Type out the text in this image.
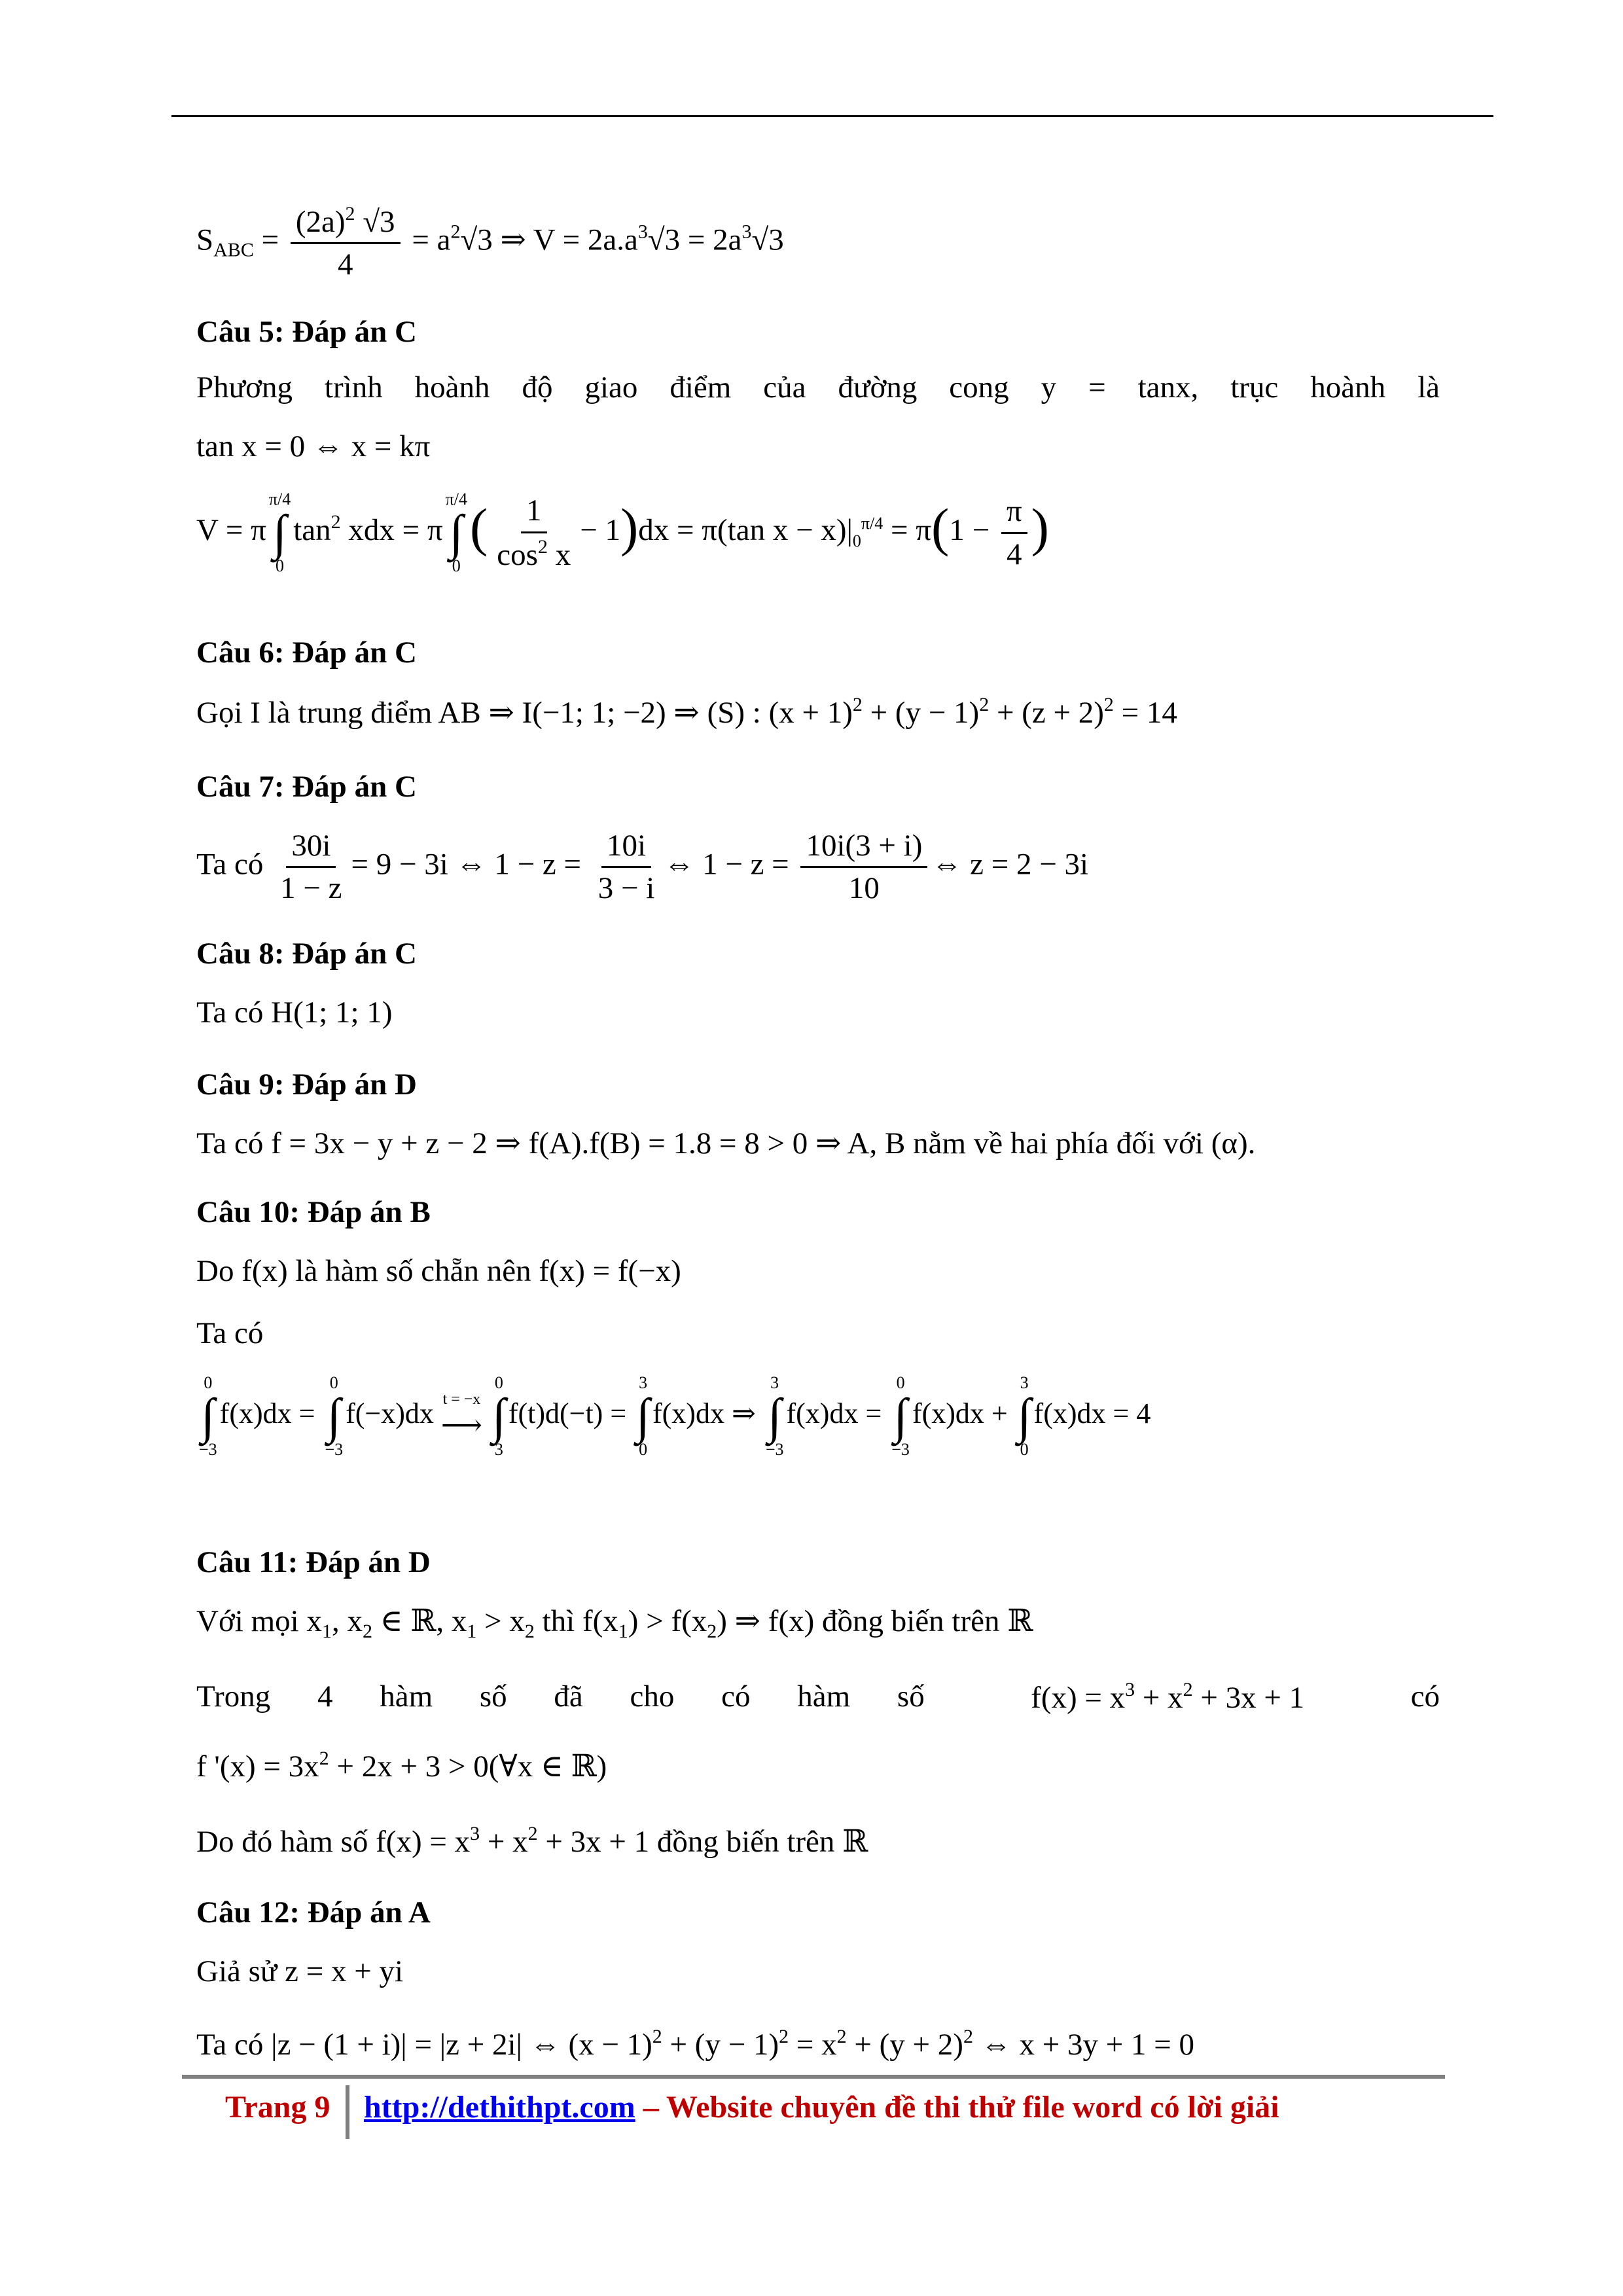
$S_{ABC} = \frac{(2a)^2 √3}{4} = a^2√3$ ⇒ $V = 2a.a^3√3 = 2a^3√3$
Câu 5: Đáp án C
Phương trình hoành độ giao điểm của đường cong y = tanx, trục hoành là
tan x = 0 ⇔ x = kπ
V = π
π/4
∫
0
$\tan^2$ xdx = π
π/4
∫
0
( $\frac{1}{\cos^2 x} - 1)dx = \pi(\tan$ $x - x)|_0^{\pi/4} = \pi(1 - \frac{\pi}{4}$ )
Câu 6: Đáp án C
Gọi I là trung điểm AB ⇒ I(−1; 1; −2) ⇒ (S) : $(x + 1)^2 + (y - 1)^2 + (z + 2)^2 = 14$
Câu 7: Đáp án C
Ta có $\frac{30i}{1 - z} = 9 - 3i$ ⇔ $1 - z = \frac{10i}{3 - i}$ ⇔ $1 - z = \frac{10i(3 + i)}{10}$ ⇔ z = 2 − 3i
Câu 8: Đáp án C
Ta có H(1; 1; 1)
Câu 9: Đáp án D
Ta có f = 3x − y + z − 2 ⇒ f(A).f(B) = 1.8 = 8 > 0 ⇒ A, B nằm về hai phía đối với (α).
Câu 10: Đáp án B
Do f(x) là hàm số chẵn nên f(x) = f(−x)
Ta có
0
∫
−3
f(x)dx =
0
∫
−3
f(−x)dx t = −x
⟶

0
∫
3
f(t)d(−t) =
3
∫
0
f(x)dx ⇒
3
∫
−3
f(x)dx =
0
∫
−3
f(x)dx +
3
∫
0
f(x)dx = 4
Câu 11: Đáp án D
Với mọi $x_1$, $x_2$ ∈ ℝ, $x_1 > x_2$ thì $f(x_1) > f(x_2)$ ⇒ f(x) đồng biến trên ℝ
Trong 4 hàm số đã cho có hàm số	$f(x) = x^3 + x^2 + 3x + 1$	có
f '$(x) = 3x^2 + 2x + 3$ > 0(∀x ∈ ℝ)
Do đó hàm số $f(x) = x^3 + x^2 + 3x + 1$ đồng biến trên ℝ
Câu 12: Đáp án A
Giả sử z = x + yi
Ta có |z − (1 + i)| = |z + 2i| ⇔ $(x - 1)^2 + (y - 1)^2 = x^2 + (y + 2)^2$ ⇔ x + 3y + 1 = 0
Trang 9 http://dethithpt.com – Website chuyên đề thi thử file word có lời giải
